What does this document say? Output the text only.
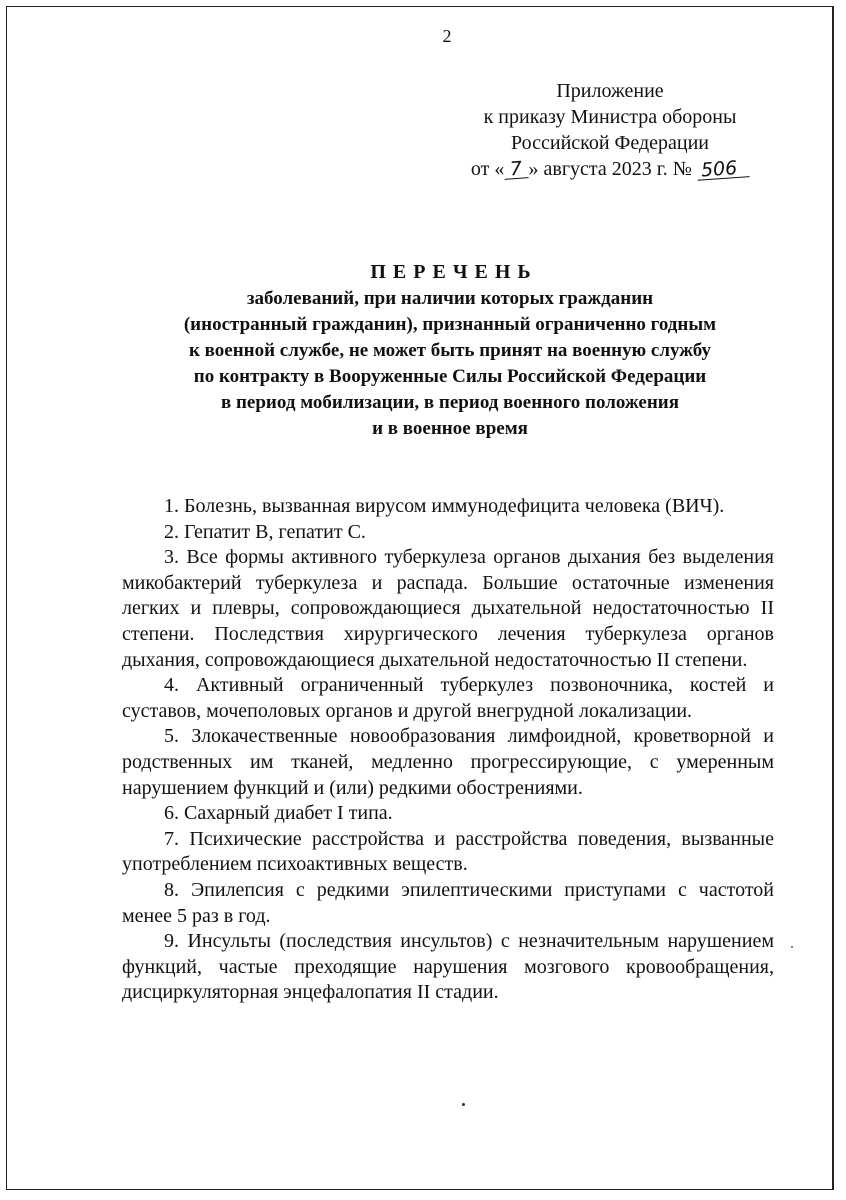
2
Приложение
к приказу Министра обороны
Российской Федерации
от « 7 » августа 2023 г. № 506
ПЕРЕЧЕНЬ
заболеваний, при наличии которых гражданин
(иностранный гражданин), признанный ограниченно годным
к военной службе, не может быть принят на военную службу
по контракту в Вооруженные Силы Российской Федерации
в период мобилизации, в период военного положения
и в военное время

1. Болезнь, вызванная вирусом иммунодефицита человека (ВИЧ).

2. Гепатит B, гепатит C.

3. Все формы активного туберкулеза органов дыхания без выделения микобактерий туберкулеза и распада. Большие остаточные изменения легких и плевры, сопровождающиеся дыхательной недостаточностью II степени. Последствия хирургического лечения туберкулеза органов дыхания, сопровождающиеся дыхательной недостаточностью II степени.

4. Активный ограниченный туберкулез позвоночника, костей и суставов, мочеполовых органов и другой внегрудной локализации.

5. Злокачественные новообразования лимфоидной, кроветворной и родственных им тканей, медленно прогрессирующие, с умеренным нарушением функций и (или) редкими обострениями.

6. Сахарный диабет I типа.

7. Психические расстройства и расстройства поведения, вызванные употреблением психоактивных веществ.

8. Эпилепсия с редкими эпилептическими приступами с частотой менее 5 раз в год.

9. Инсульты (последствия инсультов) с незначительным нарушением функций, частые преходящие нарушения мозгового кровообращения, дисциркуляторная энцефалопатия II стадии.
